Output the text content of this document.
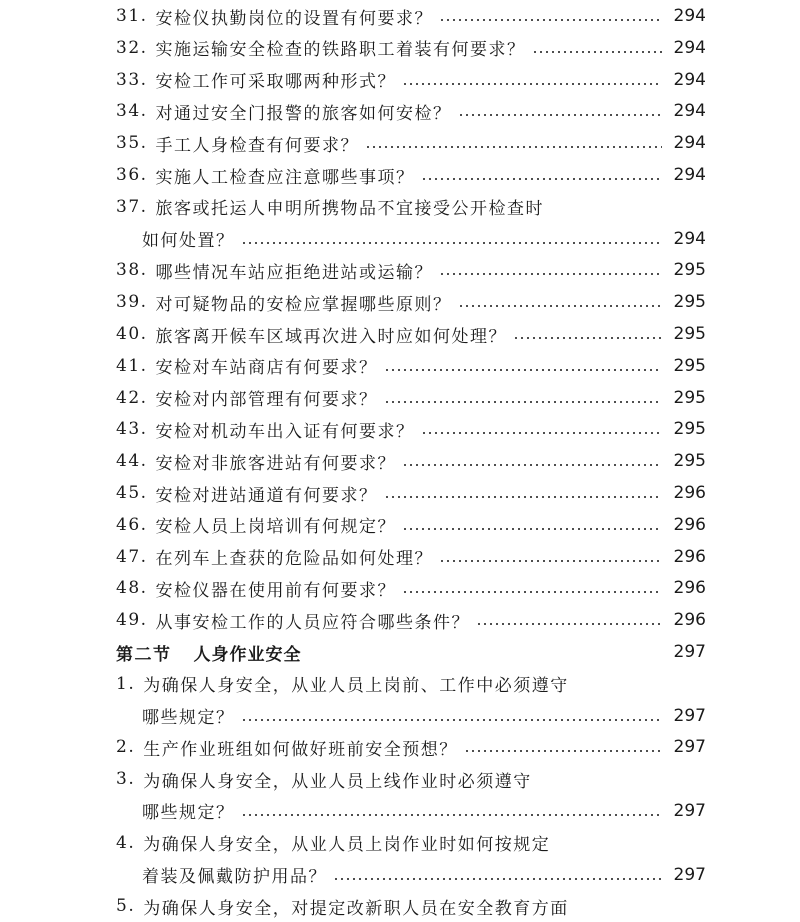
31. 安检仪执勤岗位的设置有何要求？	294
32. 实施运输安全检查的铁路职工着装有何要求？	294
33. 安检工作可采取哪两种形式？	294
34. 对通过安全门报警的旅客如何安检？	294
35. 手工人身检查有何要求？	294
36. 实施人工检查应注意哪些事项？	294
37. 旅客或托运人申明所携物品不宜接受公开检查时
如何处置？	294
38. 哪些情况车站应拒绝进站或运输？	295
39. 对可疑物品的安检应掌握哪些原则？	295
40. 旅客离开候车区域再次进入时应如何处理？	295
41. 安检对车站商店有何要求？	295
42. 安检对内部管理有何要求？	295
43. 安检对机动车出入证有何要求？	295
44. 安检对非旅客进站有何要求？	295
45. 安检对进站通道有何要求？	296
46. 安检人员上岗培训有何规定？	296
47. 在列车上查获的危险品如何处理？	296
48. 安检仪器在使用前有何要求？	296
49. 从事安检工作的人员应符合哪些条件？	296
第二节 人身作业安全	297
1. 为确保人身安全，从业人员上岗前、工作中必须遵守
哪些规定？	297
2. 生产作业班组如何做好班前安全预想？	297
3. 为确保人身安全，从业人员上线作业时必须遵守
哪些规定？	297
4. 为确保人身安全，从业人员上岗作业时如何按规定
着装及佩戴防护用品？	297
5. 为确保人身安全，对提定改新职人员在安全教育方面
